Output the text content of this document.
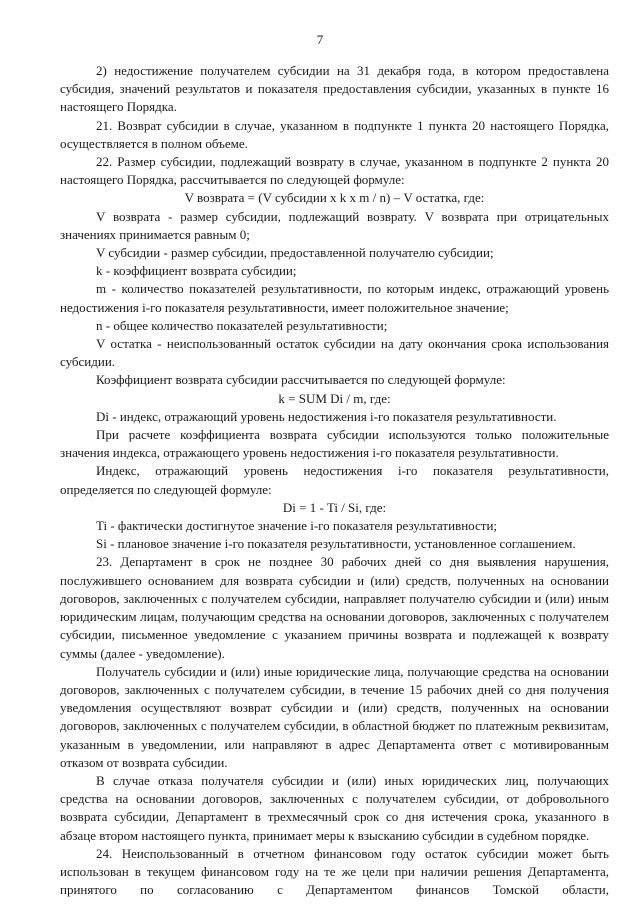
7

2) недостижение получателем субсидии на 31 декабря года, в котором предоставлена субсидия, значений результатов и показателя предоставления субсидии, указанных в пункте 16 настоящего Порядка.

21. Возврат субсидии в случае, указанном в подпункте 1 пункта 20 настоящего Порядка, осуществляется в полном объеме.

22. Размер субсидии, подлежащий возврату в случае, указанном в подпункте 2 пункта 20 настоящего Порядка, рассчитывается по следующей формуле:

V возврата = (V субсидии x k x m / n) – V остатка, где:

V возврата - размер субсидии, подлежащий возврату. V возврата при отрицательных значениях принимается равным 0;

V субсидии - размер субсидии, предоставленной получателю субсидии;

k - коэффициент возврата субсидии;

m - количество показателей результативности, по которым индекс, отражающий уровень недостижения i-го показателя результативности, имеет положительное значение;

n - общее количество показателей результативности;

V остатка - неиспользованный остаток субсидии на дату окончания срока использования субсидии.

Коэффициент возврата субсидии рассчитывается по следующей формуле:

k = SUM Di / m, где:

Di - индекс, отражающий уровень недостижения i-го показателя результативности.

При расчете коэффициента возврата субсидии используются только положительные значения индекса, отражающего уровень недостижения i-го показателя результативности.

Индекс, отражающий уровень недостижения i-го показателя результативности, определяется по следующей формуле:

Di = 1 - Ti / Si, где:

Ti - фактически достигнутое значение i-го показателя результативности;

Si - плановое значение i-го показателя результативности, установленное соглашением.

23. Департамент в срок не позднее 30 рабочих дней со дня выявления нарушения, послужившего основанием для возврата субсидии и (или) средств, полученных на основании договоров, заключенных с получателем субсидии, направляет получателю субсидии и (или) иным юридическим лицам, получающим средства на основании договоров, заключенных с получателем субсидии, письменное уведомление с указанием причины возврата и подлежащей к возврату суммы (далее - уведомление).

Получатель субсидии и (или) иные юридические лица, получающие средства на основании договоров, заключенных с получателем субсидии, в течение 15 рабочих дней со дня получения уведомления осуществляют возврат субсидии и (или) средств, полученных на основании договоров, заключенных с получателем субсидии, в областной бюджет по платежным реквизитам, указанным в уведомлении, или направляют в адрес Департамента ответ с мотивированным отказом от возврата субсидии.

В случае отказа получателя субсидии и (или) иных юридических лиц, получающих средства на основании договоров, заключенных с получателем субсидии, от добровольного возврата субсидии, Департамент в трехмесячный срок со дня истечения срока, указанного в абзаце втором настоящего пункта, принимает меры к взысканию субсидии в судебном порядке.

24. Неиспользованный в отчетном финансовом году остаток субсидии может быть использован в текущем финансовом году на те же цели при наличии решения Департамента, принятого по согласованию с Департаментом финансов Томской области,
